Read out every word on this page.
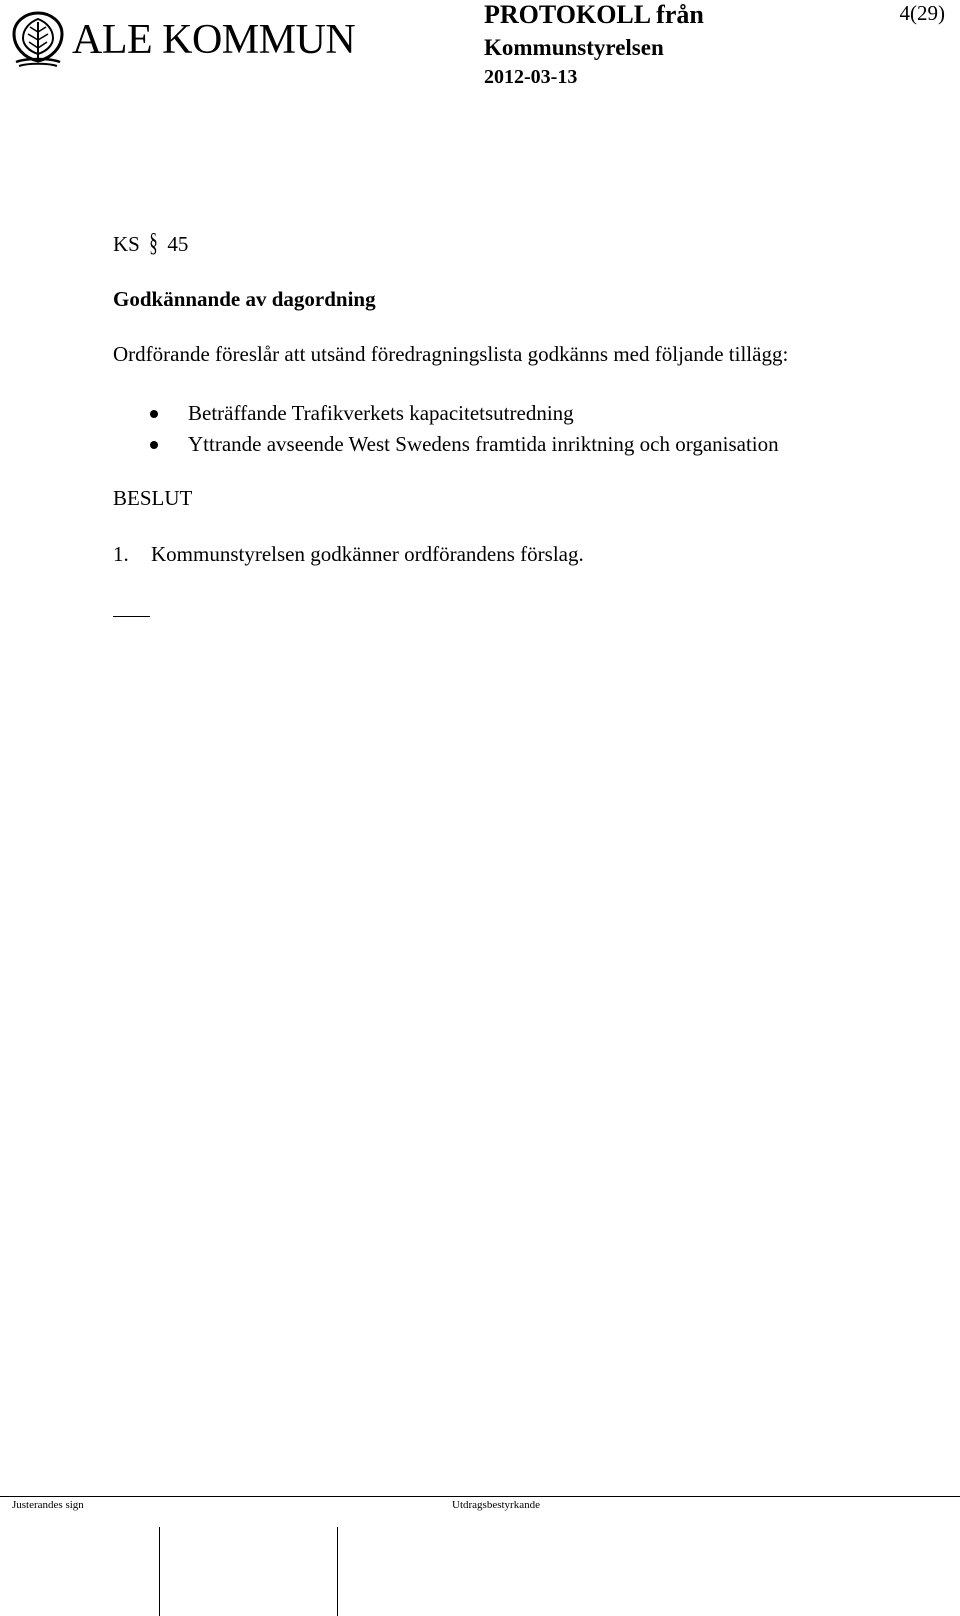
ALE KOMMUN
PROTOKOLL från
Kommunstyrelsen
2012-03-13
4(29)
KS § 45
Godkännande av dagordning
Ordförande föreslår att utsänd föredragningslista godkänns med följande tillägg:
Beträffande Trafikverkets kapacitetsutredning
Yttrande avseende West Swedens framtida inriktning och organisation
BESLUT
1. Kommunstyrelsen godkänner ordförandens förslag.
Justerandes sign	Utdragsbestyrkande
